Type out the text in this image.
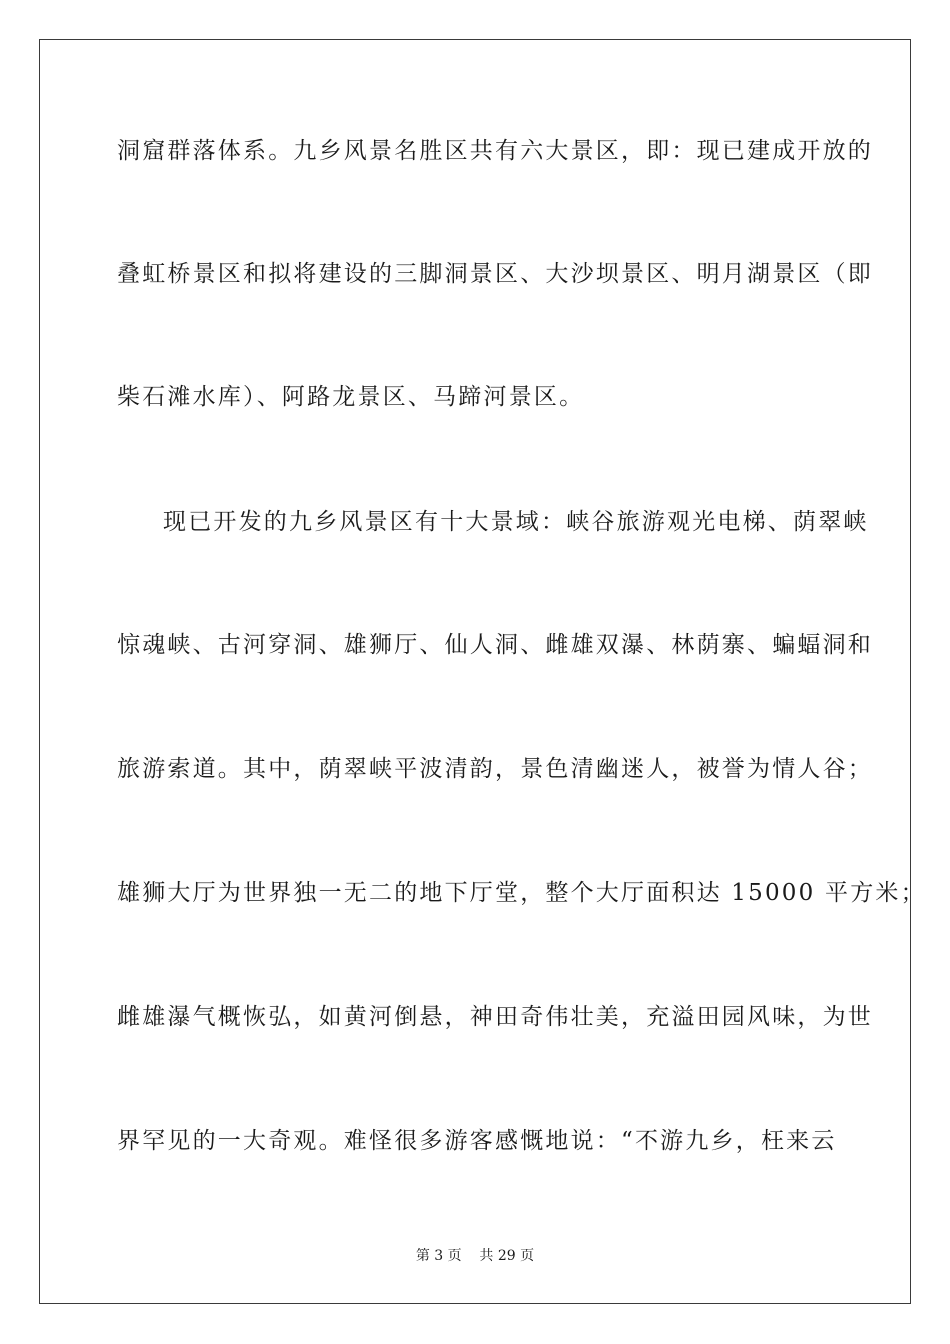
洞窟群落体系。九乡风景名胜区共有六大景区，即：现已建成开放的

叠虹桥景区和拟将建设的三脚洞景区、大沙坝景区、明月湖景区（即

柴石滩水库）、阿路龙景区、马蹄河景区。

现已开发的九乡风景区有十大景域：峡谷旅游观光电梯、荫翠峡

惊魂峡、古河穿洞、雄狮厅、仙人洞、雌雄双瀑、林荫寨、蝙蝠洞和

旅游索道。其中，荫翠峡平波清韵，景色清幽迷人，被誉为情人谷；

雄狮大厅为世界独一无二的地下厅堂，整个大厅面积达 15000 平方米；

雌雄瀑气概恢弘，如黄河倒悬，神田奇伟壮美，充溢田园风味，为世

界罕见的一大奇观。难怪很多游客感慨地说：“不游九乡，枉来云

第 3 页    共 29 页
